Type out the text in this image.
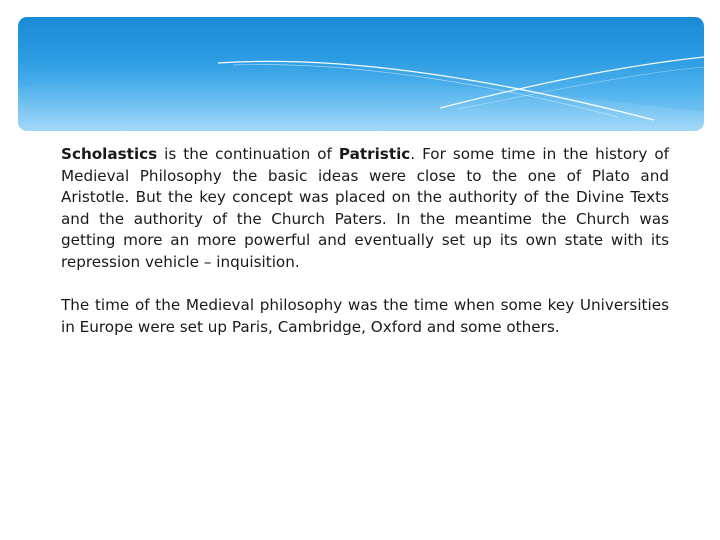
Scholastics is the continuation of Patristic. For some time in the history of Medieval Philosophy the basic ideas were close to the one of Plato and Aristotle. But the key concept was placed on the authority of the Divine Texts and the authority of the Church Paters. In the meantime the Church was getting more an more powerful and eventually set up its own state with its repression vehicle – inquisition.

The time of the Medieval philosophy was the time when some key Universities in Europe were set up Paris, Cambridge, Oxford and some others.
